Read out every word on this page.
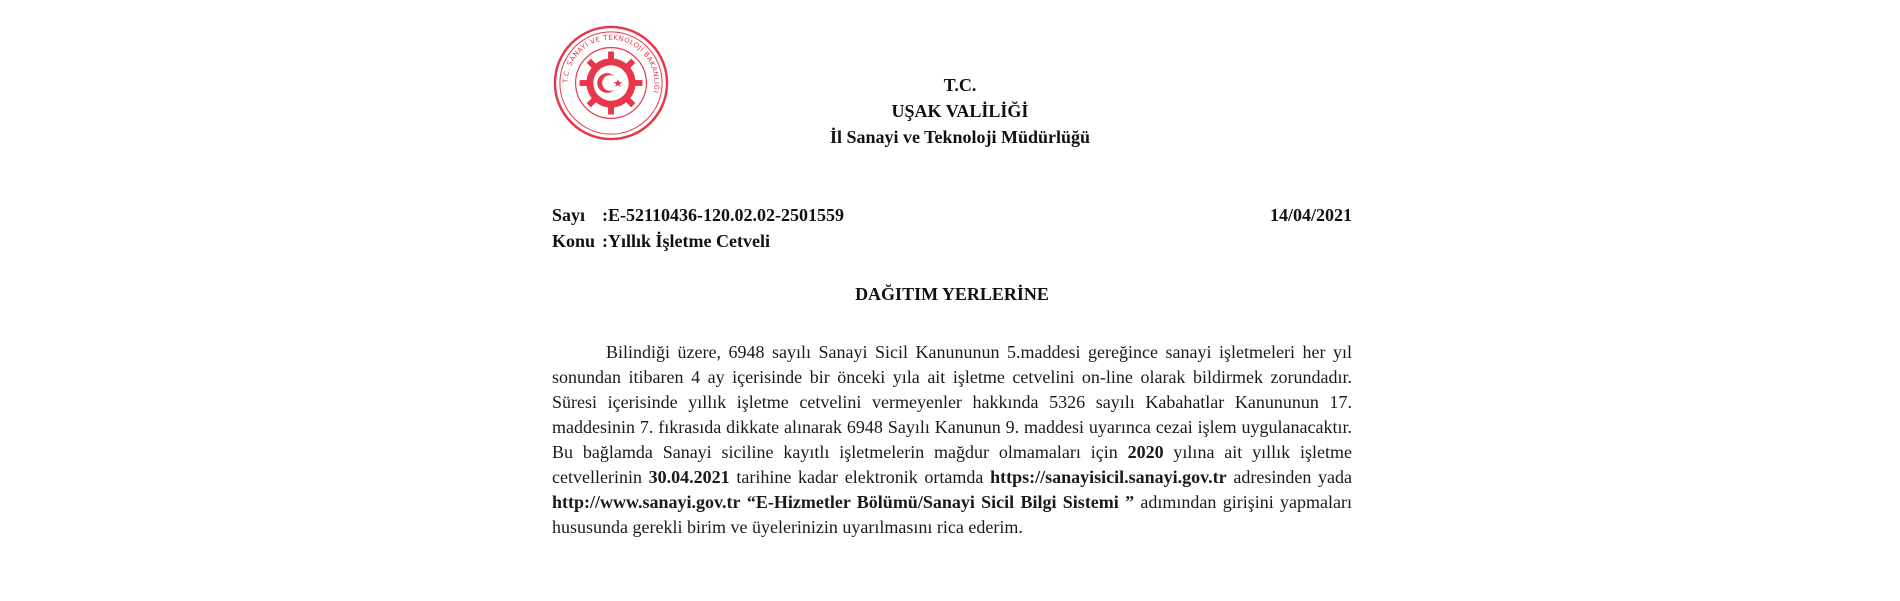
T.C. SANAYİ VE TEKNOLOJİ BAKANLIĞI	T.C.
UŞAK VALİLİĞİ
İl Sanayi ve Teknoloji Müdürlüğü
Sayı :E-52110436-120.02.02-2501559
Konu :Yıllık İşletme Cetveli
14/04/2021
DAĞITIM YERLERİNE

Bilindiği üzere, 6948 sayılı Sanayi Sicil Kanununun 5.maddesi gereğince sanayi işletmeleri her yıl sonundan itibaren 4 ay içerisinde bir önceki yıla ait işletme cetvelini on-line olarak bildirmek zorundadır. Süresi içerisinde yıllık işletme cetvelini vermeyenler hakkında 5326 sayılı Kabahatlar Kanununun 17. maddesinin 7. fıkrasıda dikkate alınarak 6948 Sayılı Kanunun 9. maddesi uyarınca cezai işlem uygulanacaktır. Bu bağlamda Sanayi siciline kayıtlı işletmelerin mağdur olmamaları için 2020 yılına ait yıllık işletme cetvellerinin 30.04.2021 tarihine kadar elektronik ortamda https://sanayisicil.sanayi.gov.tr adresinden yada http://www.sanayi.gov.tr “E-Hizmetler Bölümü/Sanayi Sicil Bilgi Sistemi ” adımından girişini yapmaları hususunda gerekli birim ve üyelerinizin uyarılmasını rica ederim.
